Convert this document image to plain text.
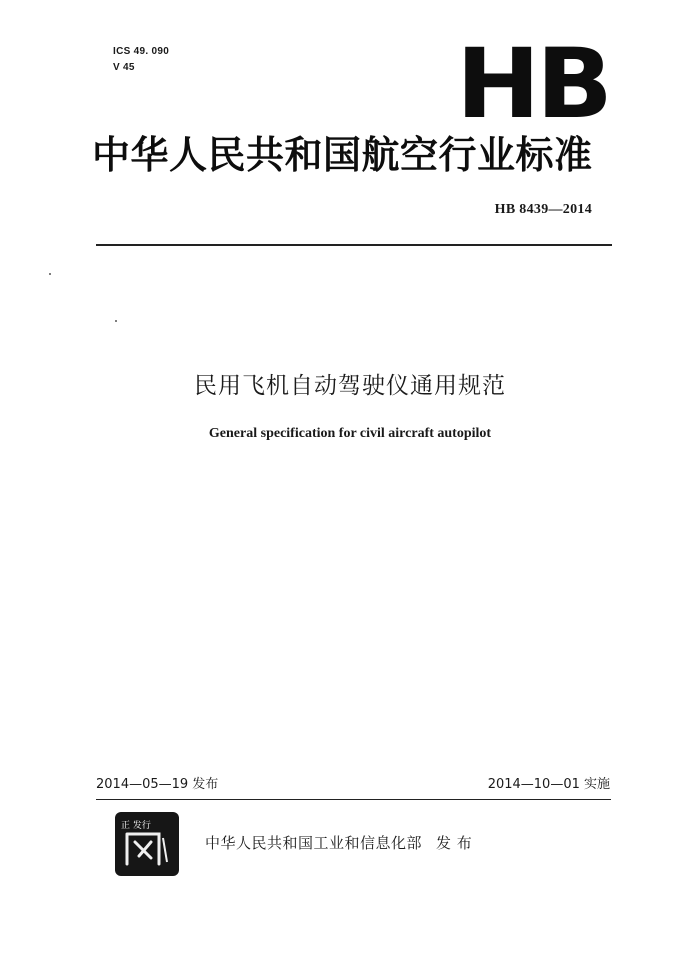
ICS 49. 090
V 45	HB
中华人民共和国航空行业标准
HB 8439—2014
民用飞机自动驾驶仪通用规范
General specification for civil aircraft autopilot
2014—05—19 发布	2014—10—01 实施
正 发行
中华人民共和国工业和信息化部 发 布
